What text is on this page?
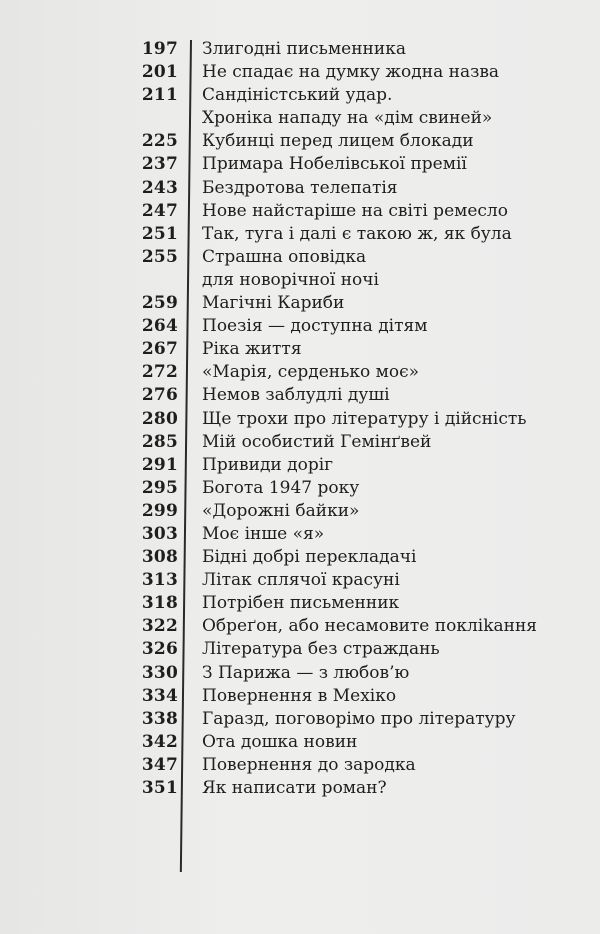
197 Злигодні письменника
201 Не спадає на думку жодна назва
211 Сандіністський удар.
Хроніка нападу на «дім свиней»
225 Кубинці перед лицем блокади
237 Примара Нобелівської премії
243 Бездротова телепатія
247 Нове найстаріше на світі ремесло
251 Так, туга і далі є такою ж, як була
255 Страшна оповідка
для новорічної ночі
259 Магічні Кариби
264 Поезія — доступна дітям
267 Ріка життя
272 «Марія, серденько моє»
276 Немов заблудлі душі
280 Ще трохи про літературу і дійсність
285 Мій особистий Гемінґвей
291 Привиди доріг
295 Богота 1947 року
299 «Дорожні байки»
303 Моє інше «я»
308 Бідні добрі перекладачі
313 Літак сплячої красуні
318 Потрібен письменник
322 Обреґон, або несамовите поклikання
326 Література без страждань
330 З Парижа — з любов’ю
334 Повернення в Мехіко
338 Гаразд, поговорімо про літературу
342 Ота дошка новин
347 Повернення до зародка
351 Як написати роман?
